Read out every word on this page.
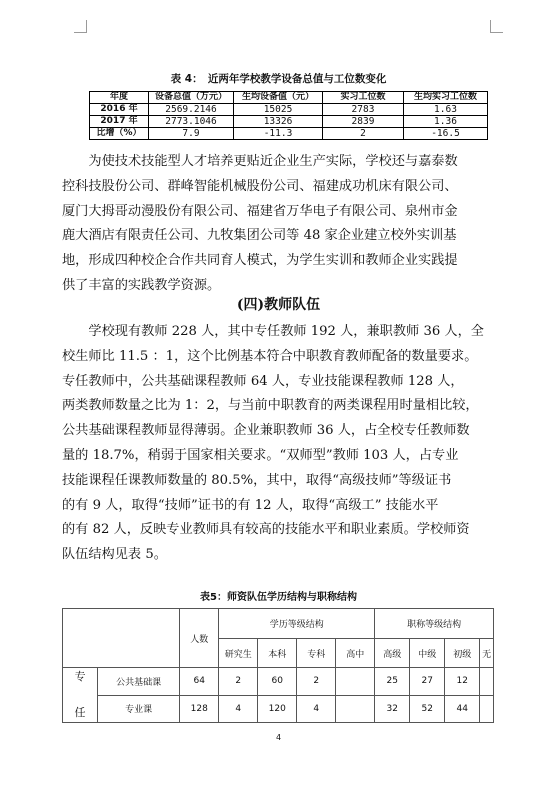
表 4：　近两年学校教学设备总值与工位数变化
年度	设备总值（万元）	生均设备值（元）	实习工位数	生均实习工位数
2016 年	2569.2146	15025	2783	1.63
2017 年	2773.1046	13326	2839	1.36
比增（%）	7.9	-11.3	2	-16.5

为使技术技能型人才培养更贴近企业生产实际，学校还与嘉泰数

控科技股份公司、群峰智能机械股份公司、福建成功机床有限公司、

厦门大拇哥动漫股份有限公司、福建省万华电子有限公司、泉州市金

鹿大酒店有限责任公司、九牧集团公司等 48 家企业建立校外实训基

地，形成四种校企合作共同育人模式，为学生实训和教师企业实践提

供了丰富的实践教学资源。

(四)教师队伍

学校现有教师 228 人，其中专任教师 192 人，兼职教师 36 人，全

校生师比 11.5 ：1，这个比例基本符合中职教育教师配备的数量要求。

专任教师中，公共基础课程教师 64 人，专业技能课程教师 128 人，

两类教师数量之比为 1：2，与当前中职教育的两类课程用时量相比较，

公共基础课程教师显得薄弱。企业兼职教师 36 人，占全校专任教师数

量的 18.7%，稍弱于国家相关要求。“双师型”教师 103 人，占专业

技能课程任课教师数量的 80.5%，其中，取得“高级技师”等级证书

的有 9 人，取得“技师”证书的有 12 人，取得“高级工” 技能水平

的有 82 人，反映专业教师具有较高的技能水平和职业素质。学校师资

队伍结构见表 5。

表5：师资队伍学历结构与职称结构
		人数	学历等级结构				职称等级结构			
			研究生	本科	专科	高中	高级	中级	初级	无
专

任	公共基础课	64	2	60	2		25	27	12	
	专业课	128	4	120	4		32	52	44	
4
